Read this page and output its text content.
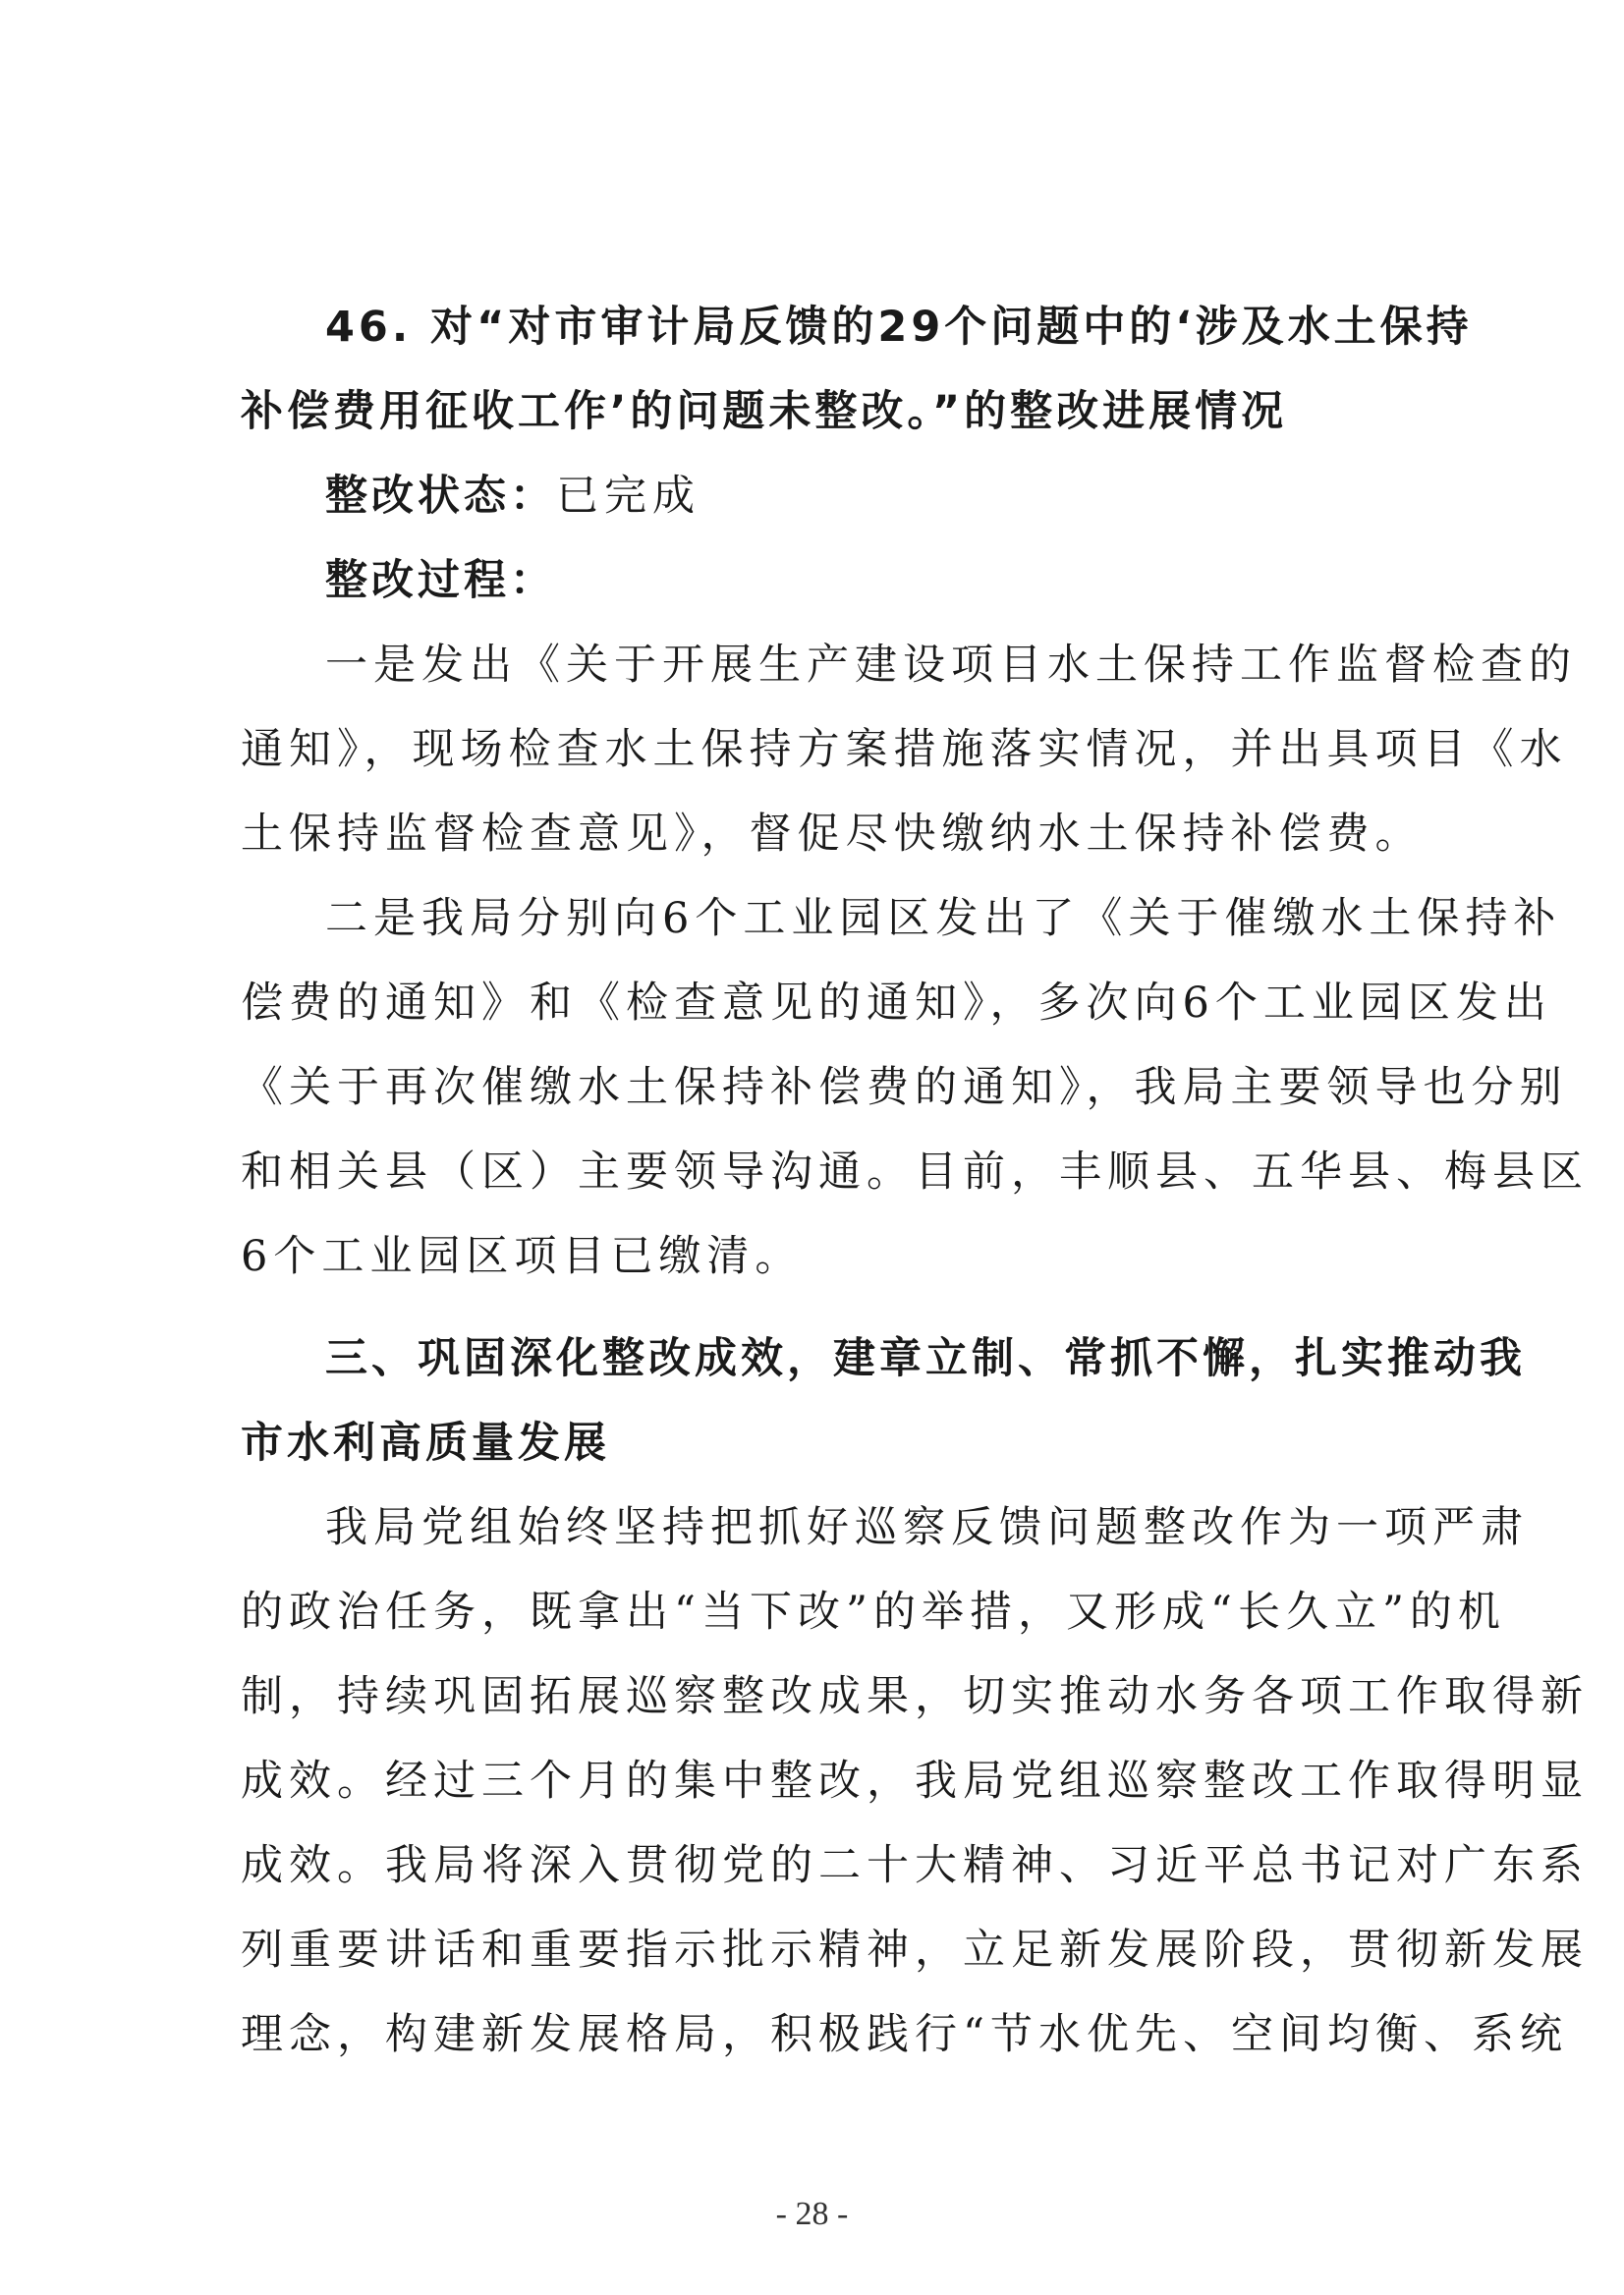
46. 对“对市审计局反馈的29个问题中的‘涉及水土保持
补偿费用征收工作’的问题未整改。”的整改进展情况
整改状态：已完成
整改过程：
一是发出《关于开展生产建设项目水土保持工作监督检查的
通知》，现场检查水土保持方案措施落实情况，并出具项目《水
土保持监督检查意见》，督促尽快缴纳水土保持补偿费。
二是我局分别向6个工业园区发出了《关于催缴水土保持补
偿费的通知》和《检查意见的通知》，多次向6个工业园区发出
《关于再次催缴水土保持补偿费的通知》，我局主要领导也分别
和相关县（区）主要领导沟通。目前，丰顺县、五华县、梅县区
6个工业园区项目已缴清。
三、巩固深化整改成效，建章立制、常抓不懈，扎实推动我
市水利高质量发展
我局党组始终坚持把抓好巡察反馈问题整改作为一项严肃
的政治任务，既拿出“当下改”的举措，又形成“长久立”的机
制，持续巩固拓展巡察整改成果，切实推动水务各项工作取得新
成效。经过三个月的集中整改，我局党组巡察整改工作取得明显
成效。我局将深入贯彻党的二十大精神、习近平总书记对广东系
列重要讲话和重要指示批示精神，立足新发展阶段，贯彻新发展
理念，构建新发展格局，积极践行“节水优先、空间均衡、系统
- 28 -
